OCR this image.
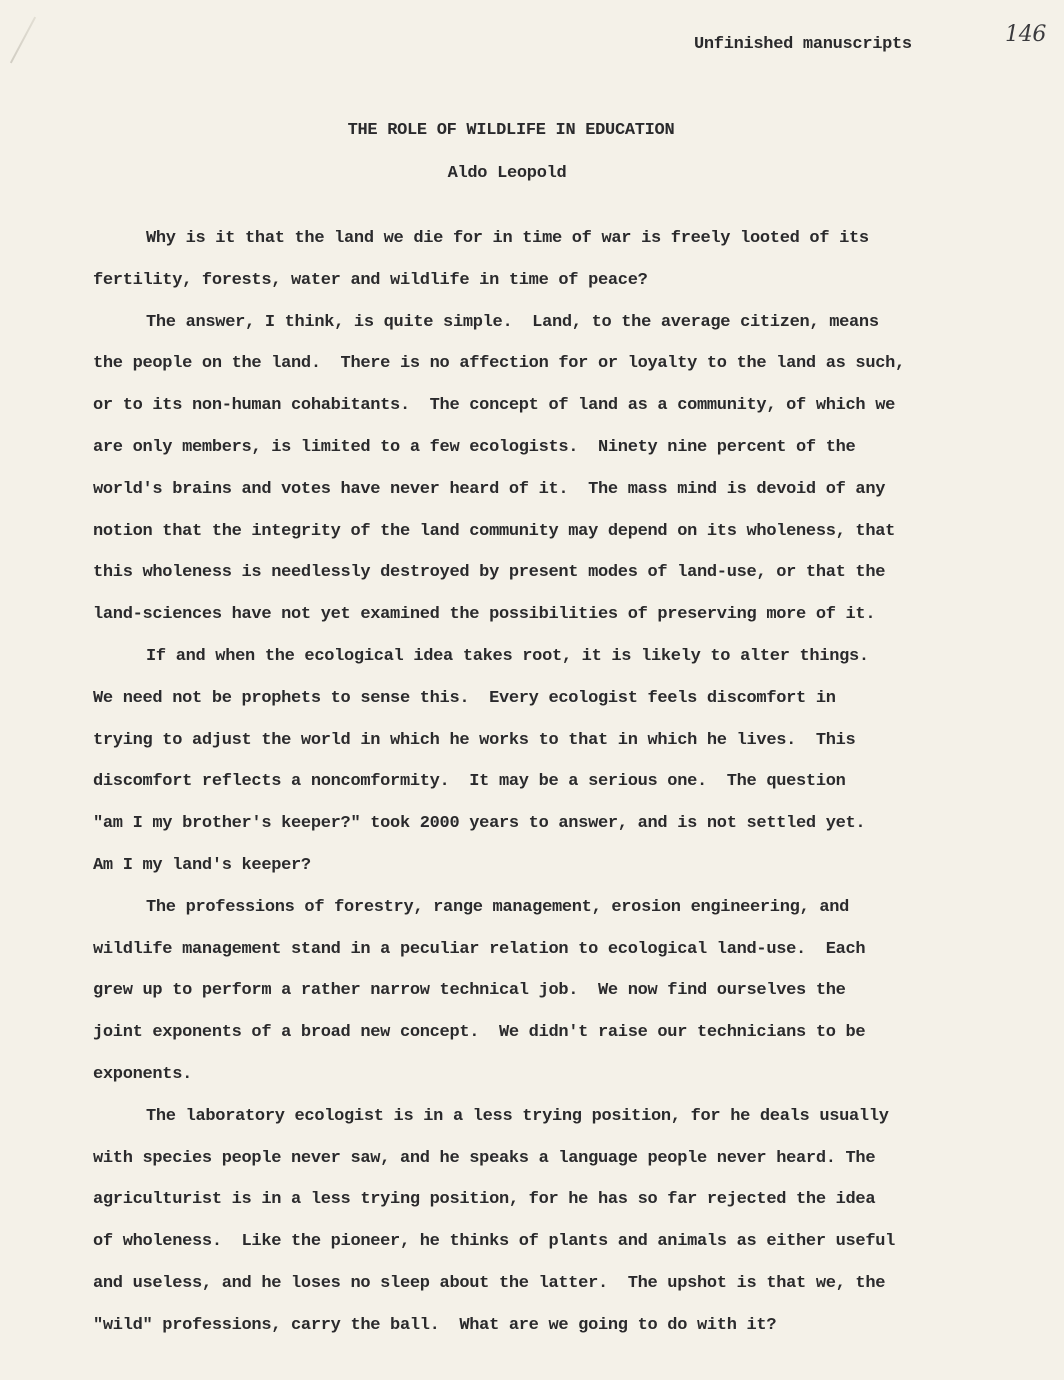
Unfinished manuscripts	146
THE ROLE OF WILDLIFE IN EDUCATION
Aldo Leopold
Why is it that the land we die for in time of war is freely looted of its
fertility, forests, water and wildlife in time of peace?
The answer, I think, is quite simple.  Land, to the average citizen, means
the people on the land.  There is no affection for or loyalty to the land as such,
or to its non-human cohabitants.  The concept of land as a community, of which we
are only members, is limited to a few ecologists.  Ninety nine percent of the
world's brains and votes have never heard of it.  The mass mind is devoid of any
notion that the integrity of the land community may depend on its wholeness, that
this wholeness is needlessly destroyed by present modes of land-use, or that the
land-sciences have not yet examined the possibilities of preserving more of it.
If and when the ecological idea takes root, it is likely to alter things.
We need not be prophets to sense this.  Every ecologist feels discomfort in
trying to adjust the world in which he works to that in which he lives.  This
discomfort reflects a noncomformity.  It may be a serious one.  The question
"am I my brother's keeper?" took 2000 years to answer, and is not settled yet.
Am I my land's keeper?
The professions of forestry, range management, erosion engineering, and
wildlife management stand in a peculiar relation to ecological land-use.  Each
grew up to perform a rather narrow technical job.  We now find ourselves the
joint exponents of a broad new concept.  We didn't raise our technicians to be
exponents.
The laboratory ecologist is in a less trying position, for he deals usually
with species people never saw, and he speaks a language people never heard. The
agriculturist is in a less trying position, for he has so far rejected the idea
of wholeness.  Like the pioneer, he thinks of plants and animals as either useful
and useless, and he loses no sleep about the latter.  The upshot is that we, the
"wild" professions, carry the ball.  What are we going to do with it?
